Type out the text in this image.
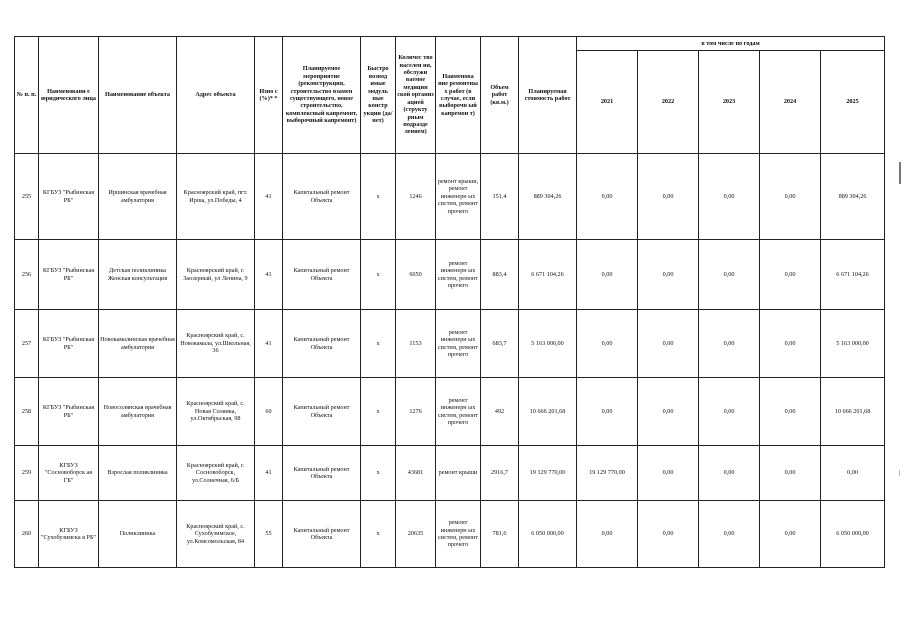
№ п. п.	Наименовани е юридического лица	Наименование объекта	Адрес объекта	Изно с (%)* *	Планируемое мероприятие (реконструкция, строительство взамен существующего, новое строительство, комплексный капремонт, выборочный капремонт)	Быстро возвод имые модуль ные констр укции (да/нет)	Количес тво населен ия, обслужи ваемое медицин ской организ ацией (структу рным подразде лением)	Наименова ние ремонтны х работ (в случае, если выборочн ый капремон т)	Объем работ (кв.м.)	Планируемая стоимость работ	в том числе по годам				
											2021	2022	2023	2024	2025
255	КГБУЗ "Рыбинская РБ"	Иршинская врачебная амбулатория	Красноярский край, пгт. Ирша, ул.Победы, 4	41	Капитальный ремонт Объекта	х	1246	ремонт крыши, ремонт инженерн ых систем, ремонт прочего	151,4	889 304,26	0,00	0,00	0,00	0,00	889 304,26
256	КГБУЗ "Рыбинская РБ"	Детская поликлиника Женская консультация	Красноярский край, г. Заозерный, ул Ленина, 9	41	Капитальный ремонт Объекта	х	6050	ремонт инженерн ых систем, ремонт прочего	883,4	6 671 104,26	0,00	0,00	0,00	0,00	6 671 104,26
257	КГБУЗ "Рыбинская РБ"	Новокамалинская врачебная амбулатория	Красноярский край, с. Новокамала, ул.Школьная, 36	41	Капитальный ремонт Объекта	х	1153	ремонт инженерн ых систем, ремонт прочего	683,7	5 163 000,00	0,00	0,00	0,00	0,00	5 163 000,00
258	КГБУЗ "Рыбинская РБ"	Новосолянская врачебная амбулатория	Красноярский край, с. Новая Солянка, ул.Октябрьская, 98	60	Капитальный ремонт Объекта	х	1276	ремонт инженерн ых систем, ремонт прочего	492	10 666 201,68	0,00	0,00	0,00	0,00	10 666 201,68
259	КГБУЗ "Сосновоборск ая ГБ"	Взрослая поликлиника	Красноярский край, г. Сосновоборск, ул.Солнечная, 6/Б	41	Капитальный ремонт Объекта	х	43681	ремонт крыши	2916,7	19 129 770,00	19 129 770,00	0,00	0,00	0,00	0,00
260	КГБУЗ "Сухобузимска я РБ"	Поликлиника	Красноярский край, с. Сухобузимское, ул.Комсомольская, 84	55	Капитальный ремонт Объекта	х	20635	ремонт инженерн ых систем, ремонт прочего	781,6	6 050 000,00	0,00	0,00	0,00	0,00	6 050 000,00
